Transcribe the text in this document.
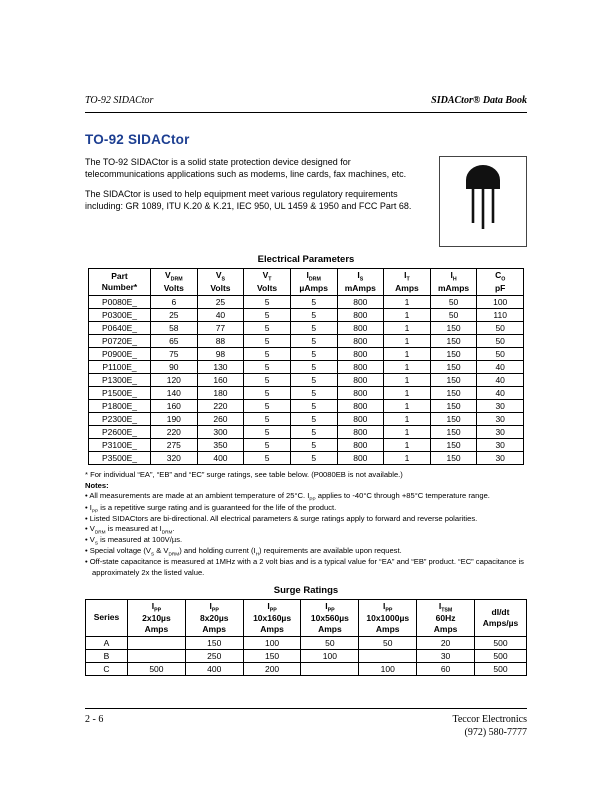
TO-92 SIDACtor	SIDACtor® Data Book
TO-92 SIDACtor

The TO-92 SIDACtor is a solid state protection device designed for telecommunications applications such as modems, line cards, fax machines, etc.

The SIDACtor is used to help equipment meet various regulatory requirements including: GR 1089, ITU K.20 & K.21, IEC 950, UL 1459 & 1950 and FCC Part 68.

Electrical Parameters
Part
Number*

$V_{DRM}$
Volts

$V_S$
Volts

$V_T$
Volts

$I_{DRM}$
µAmps

$I_S$
mAmps

$I_T$
Amps

$I_H$
mAmps

$C_O$
pF

P0080E_	6	25	5	5	800	1	50	100
P0300E_	25	40	5	5	800	1	50	110
P0640E_	58	77	5	5	800	1	150	50
P0720E_	65	88	5	5	800	1	150	50
P0900E_	75	98	5	5	800	1	150	50
P1100E_	90	130	5	5	800	1	150	40
P1300E_	120	160	5	5	800	1	150	40
P1500E_	140	180	5	5	800	1	150	40
P1800E_	160	220	5	5	800	1	150	30
P2300E_	190	260	5	5	800	1	150	30
P2600E_	220	300	5	5	800	1	150	30
P3100E_	275	350	5	5	800	1	150	30
P3500E_	320	400	5	5	800	1	150	30
* For individual “EA”, “EB” and “EC” surge ratings, see table below. (P0080EB is not available.)
Notes:
• All measurements are made at an ambient temperature of 25°C. $I_{PP}$ applies to -40°C through +85°C temperature range.
• $I_{PP}$ is a repetitive surge rating and is guaranteed for the life of the product.
• Listed SIDACtors are bi-directional. All electrical parameters & surge ratings apply to forward and reverse polarities.
• $V_{DRM}$ is measured at $I_{DRM}$.
• $V_S$ is measured at 100V/µs.
• Special voltage ($V_S$ & $V_{DRM}$) and holding current $(I_H)$ requirements are available upon request.
• Off-state capacitance is measured at 1MHz with a 2 volt bias and is a typical value for “EA” and “EB” product. “EC” capacitance is approximately 2x the listed value.
Surge Ratings
Series

$I_{PP}$
2x10µs
Amps

$I_{PP}$
8x20µs
Amps

$I_{PP}$
10x160µs
Amps

$I_{PP}$
10x560µs
Amps

$I_{PP}$
10x1000µs
Amps

$I_{TSM}$
60Hz
Amps

dI/dt
Amps/µs

A		150	100	50	50	20	500
B		250	150	100		30	500
C	500	400	200		100	60	500
2 - 6	Teccor Electronics
(972) 580-7777
